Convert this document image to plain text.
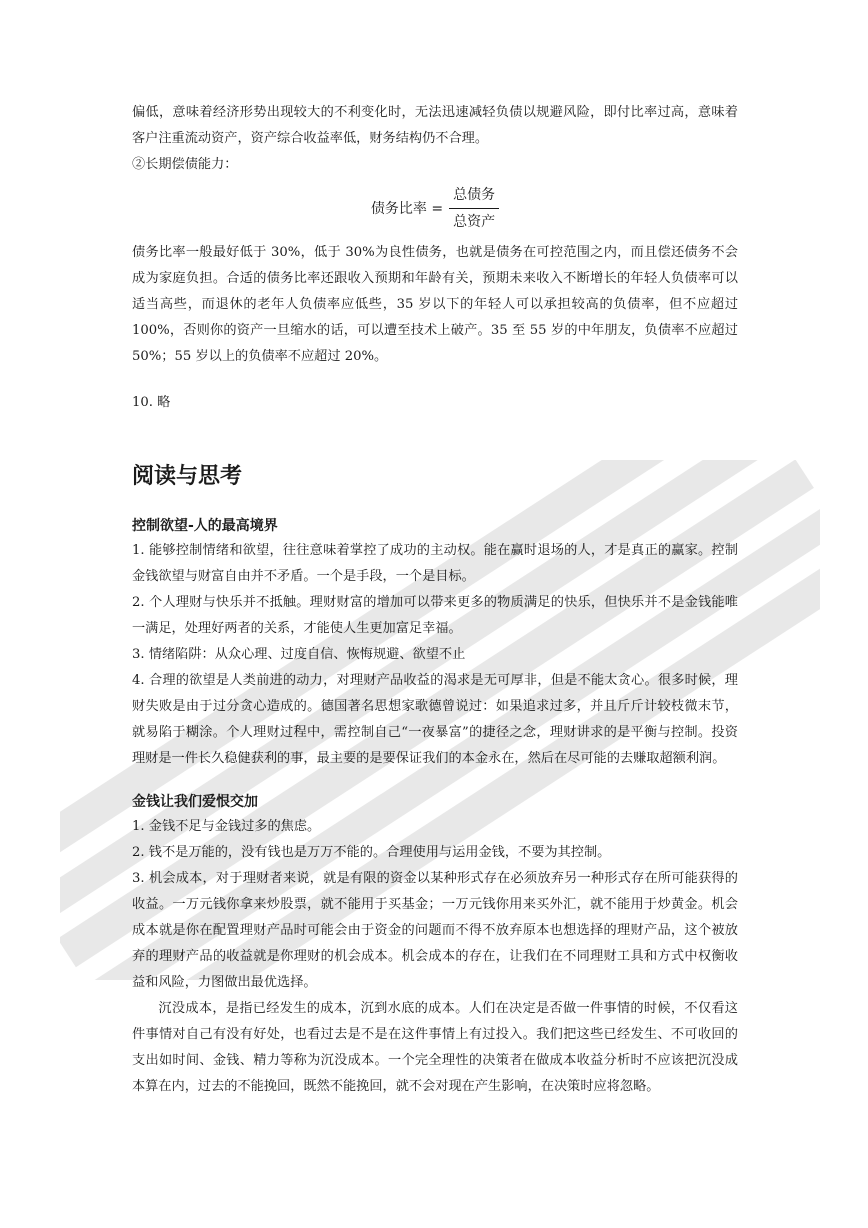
偏低，意味着经济形势出现较大的不利变化时，无法迅速减轻负债以规避风险，即付比率过高，意味着客户注重流动资产，资产综合收益率低，财务结构仍不合理。

②长期偿债能力：

债务比率 = $\frac{\text{总债务}}{\text{总资产}}$

债务比率一般最好低于 30%，低于 30%为良性债务，也就是债务在可控范围之内，而且偿还债务不会成为家庭负担。合适的债务比率还跟收入预期和年龄有关，预期未来收入不断增长的年轻人负债率可以适当高些，而退休的老年人负债率应低些，35 岁以下的年轻人可以承担较高的负债率，但不应超过 100%，否则你的资产一旦缩水的话，可以遭至技术上破产。35 至 55 岁的中年朋友，负债率不应超过 50%；55 岁以上的负债率不应超过 20%。

10. 略

阅读与思考
控制欲望-人的最高境界

1. 能够控制情绪和欲望，往往意味着掌控了成功的主动权。能在赢时退场的人，才是真正的赢家。控制金钱欲望与财富自由并不矛盾。一个是手段，一个是目标。

2. 个人理财与快乐并不抵触。理财财富的增加可以带来更多的物质满足的快乐，但快乐并不是金钱能唯一满足，处理好两者的关系，才能使人生更加富足幸福。

3. 情绪陷阱：从众心理、过度自信、恢悔规避、欲望不止

4. 合理的欲望是人类前进的动力，对理财产品收益的渴求是无可厚非，但是不能太贪心。很多时候，理财失败是由于过分贪心造成的。德国著名思想家歌德曾说过：如果追求过多，并且斤斤计较枝微末节，就易陷于糊涂。个人理财过程中，需控制自己“一夜暴富”的捷径之念，理财讲求的是平衡与控制。投资理财是一件长久稳健获利的事，最主要的是要保证我们的本金永在，然后在尽可能的去赚取超额利润。

金钱让我们爱恨交加

1. 金钱不足与金钱过多的焦虑。

2. 钱不是万能的，没有钱也是万万不能的。合理使用与运用金钱，不要为其控制。

3. 机会成本，对于理财者来说，就是有限的资金以某种形式存在必须放弃另一种形式存在所可能获得的收益。一万元钱你拿来炒股票，就不能用于买基金；一万元钱你用来买外汇，就不能用于炒黄金。机会成本就是你在配置理财产品时可能会由于资金的问题而不得不放弃原本也想选择的理财产品，这个被放弃的理财产品的收益就是你理财的机会成本。机会成本的存在，让我们在不同理财工具和方式中权衡收益和风险，力图做出最优选择。

沉没成本，是指已经发生的成本，沉到水底的成本。人们在决定是否做一件事情的时候，不仅看这件事情对自己有没有好处，也看过去是不是在这件事情上有过投入。我们把这些已经发生、不可收回的支出如时间、金钱、精力等称为沉没成本。一个完全理性的决策者在做成本收益分析时不应该把沉没成本算在内，过去的不能挽回，既然不能挽回，就不会对现在产生影响，在决策时应将忽略。
